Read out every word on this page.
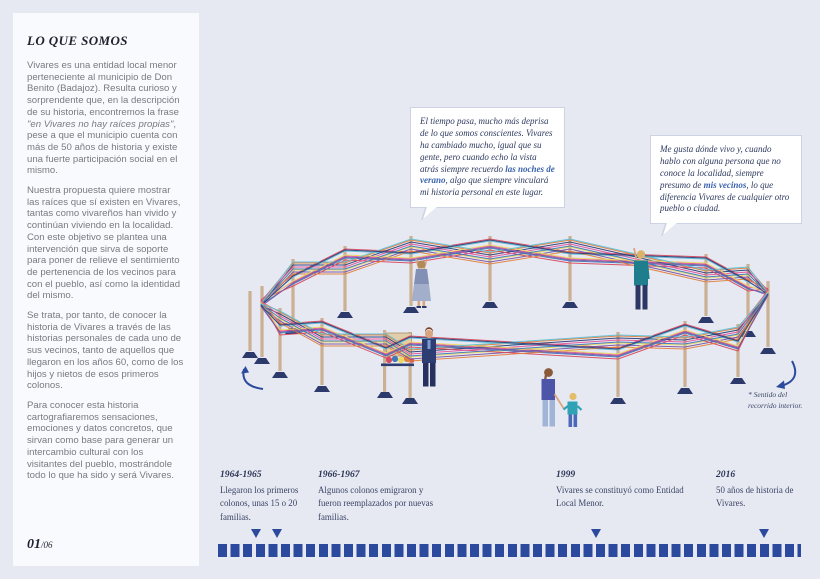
LO QUE SOMOS

Vivares es una entidad local menor perteneciente al municipio de Don Benito (Badajoz). Resulta curioso y sorprendente que, en la descripción de su historia, encontremos la frase "en Vivares no hay raíces propias", pese a que el municipio cuenta con más de 50 años de historia y existe una fuerte participación social en el mismo.

Nuestra propuesta quiere mostrar las raíces que sí existen en Vivares, tantas como vivareños han vivido y continúan viviendo en la localidad. Con este objetivo se plantea una intervención que sirva de soporte para poner de relieve el sentimiento de pertenencia de los vecinos para con el pueblo, así como la identidad del mismo.

Se trata, por tanto, de conocer la historia de Vivares a través de las historias personales de cada uno de sus vecinos, tanto de aquellos que llegaron en los años 60, como de los hijos y nietos de esos primeros colonos.

Para conocer esta historia cartografiaremos sensaciones, emociones y datos concretos, que sirvan como base para generar un intercambio cultural con los visitantes del pueblo, mostrándole todo lo que ha sido y será Vivares.

01/06
* Sentido del recorrido interior.
El tiempo pasa, mucho más deprisa de lo que somos conscientes. Vivares ha cambiado mucho, igual que su gente, pero cuando echo la vista atrás siempre recuerdo las noches de verano, algo que siempre vinculará mi historia personal en este lugar.
Me gusta dónde vivo y, cuando hablo con alguna persona que no conoce la localidad, siempre presumo de mis vecinos, lo que diferencia Vivares de cualquier otro pueblo o ciudad.
1964-1965
Llegaron los primeros colonos, unas 15 o 20 familias.
1966-1967
Algunos colonos emigraron y fueron reemplazados por nuevas familias.
1999
Vivares se constituyó como Entidad Local Menor.
2016
50 años de historia de Vivares.
